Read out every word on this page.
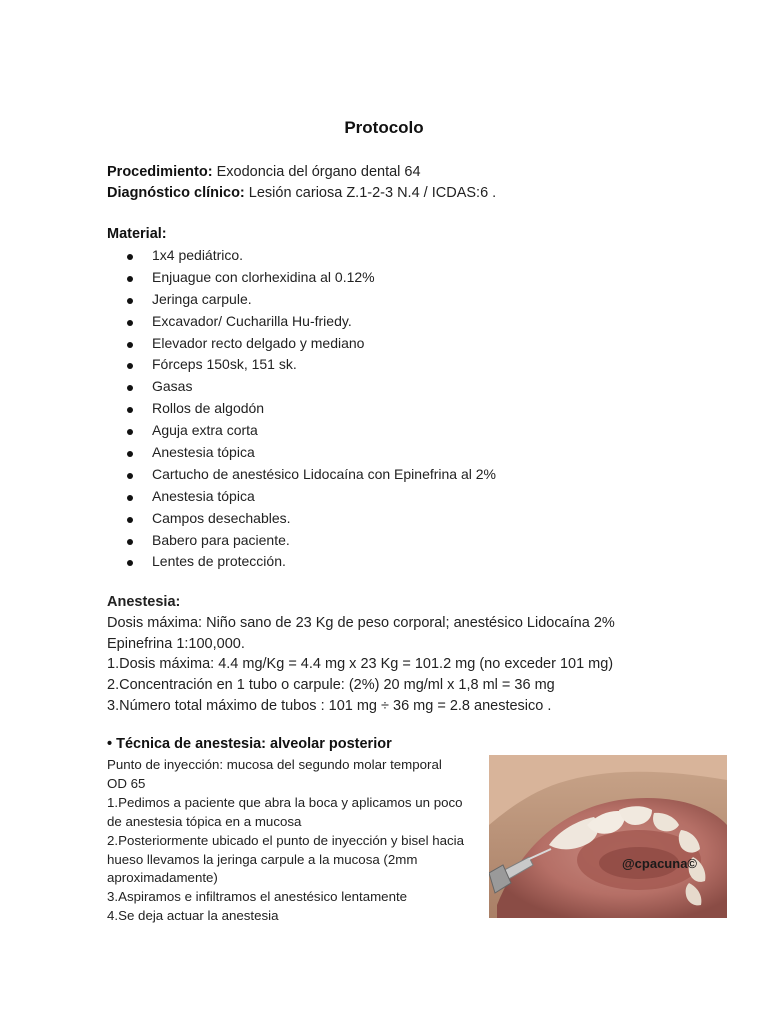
Protocolo
Procedimiento: Exodoncia del órgano dental 64
Diagnóstico clínico: Lesión cariosa Z.1-2-3 N.4 / ICDAS:6 .
Material:
1x4 pediátrico.
Enjuague con clorhexidina al 0.12%
Jeringa carpule.
Excavador/ Cucharilla Hu-friedy.
Elevador recto delgado y mediano
Fórceps 150sk, 151 sk.
Gasas
Rollos de algodón
Aguja extra corta
Anestesia tópica
Cartucho de anestésico Lidocaína con Epinefrina al 2%
Anestesia tópica
Campos desechables.
Babero para paciente.
Lentes de protección.
Anestesia:
Dosis máxima: Niño sano de 23 Kg de peso corporal; anestésico Lidocaína 2%
Epinefrina 1:100,000.
1.Dosis máxima: 4.4 mg/Kg = 4.4 mg x 23 Kg = 101.2 mg (no exceder 101 mg)
2.Concentración en 1 tubo o carpule: (2%) 20 mg/ml x 1,8 ml = 36 mg
3.Número total máximo de tubos : 101 mg ÷ 36 mg = 2.8 anestesico .
• Técnica de anestesia: alveolar posterior
Punto de inyección: mucosa del segundo molar temporal
OD 65
1.Pedimos a paciente que abra la boca y aplicamos un poco
de anestesia tópica en a mucosa
2.Posteriormente ubicado el punto de inyección y bisel hacia
hueso llevamos la jeringa carpule a la mucosa (2mm
aproximadamente)
3.Aspiramos e infiltramos el anestésico lentamente
4.Se deja actuar la anestesia
@cpacuna©
